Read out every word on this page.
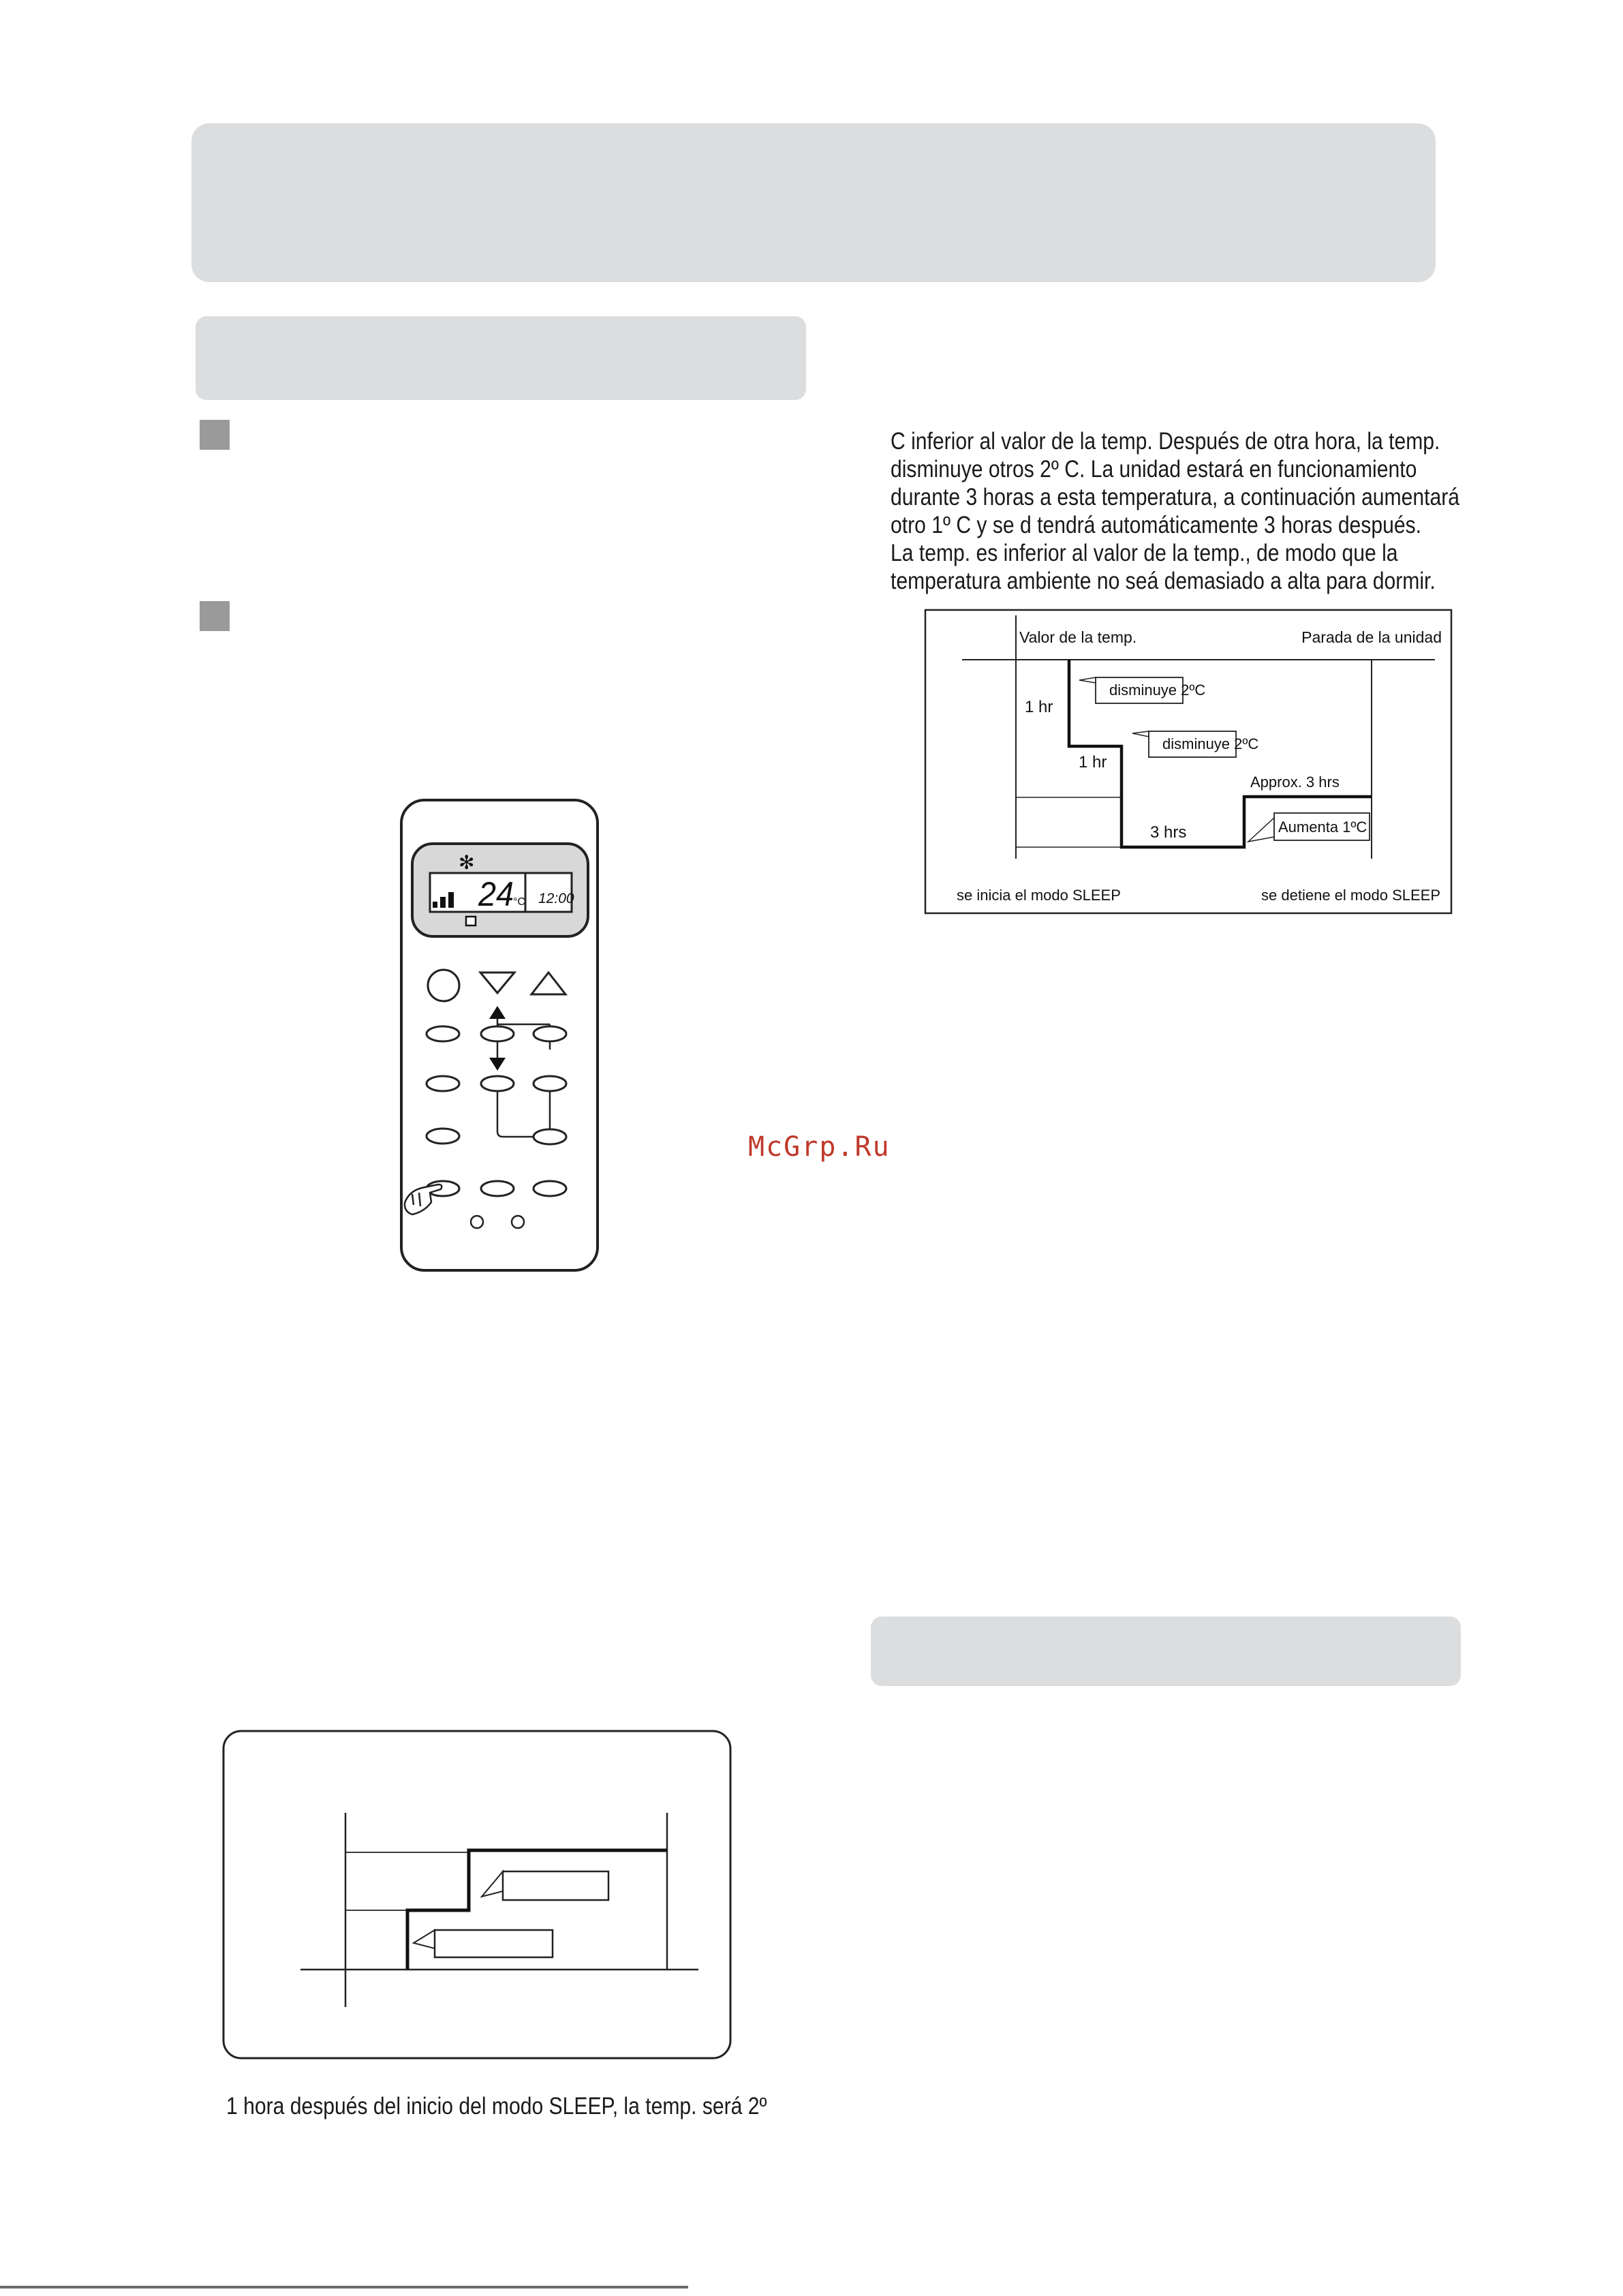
C inferior al valor de la temp. Después de otra hora, la temp.
disminuye otros 2º C. La unidad estará en funcionamiento
durante 3 horas a esta temperatura, a continuación aumentará
otro 1º C y se d tendrá automáticamente 3 horas después.
La temp. es inferior al valor de la temp., de modo que la
temperatura ambiente no seá demasiado a alta para dormir.
Valor de la temp.	Parada de la unidad
1 hr
disminuye 2ºC
1 hr
disminuye 2ºC
Approx. 3 hrs
3 hrs	Aumenta 1ºC
se inicia el modo SLEEP	se detiene el modo SLEEP
✻
24 °C 12:00
McGrp.Ru
1 hora después del inicio del modo SLEEP, la temp. será 2º
